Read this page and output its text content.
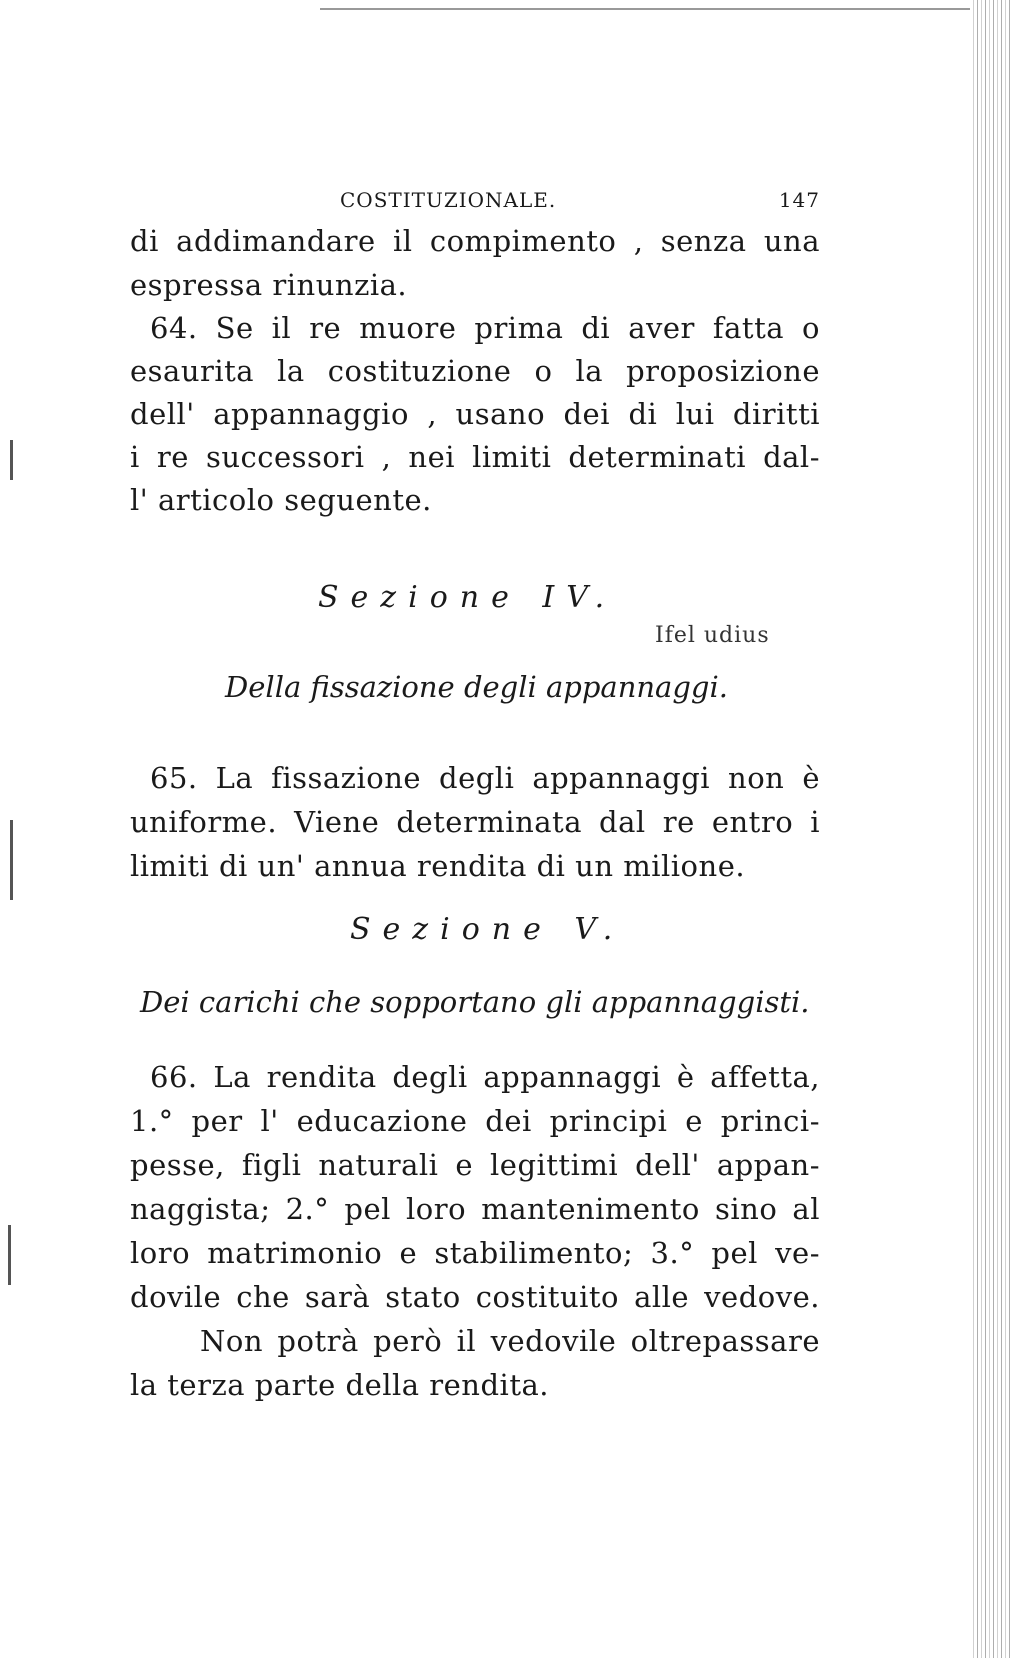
COSTITUZIONALE.	147
di addimandare il compimento , senza una
espressa rinunzia.
64. Se il re muore prima di aver fatta o
esaurita la costituzione o la proposizione
dell' appannaggio , usano dei di lui diritti
i re successori , nei limiti determinati dal-
l' articolo seguente.
Sezione IV.
Ifel udius
Della fissazione degli appannaggi.
65. La fissazione degli appannaggi non è
uniforme. Viene determinata dal re entro i
limiti di un' annua rendita di un milione.
Sezione V.
Dei carichi che sopportano gli appannaggisti.
66. La rendita degli appannaggi è affetta,
1.° per l' educazione dei principi e princi-
pesse, figli naturali e legittimi dell' appan-
naggista; 2.° pel loro mantenimento sino al
loro matrimonio e stabilimento; 3.° pel ve-
dovile che sarà stato costituito alle vedove.
Non potrà però il vedovile oltrepassare
la terza parte della rendita.
